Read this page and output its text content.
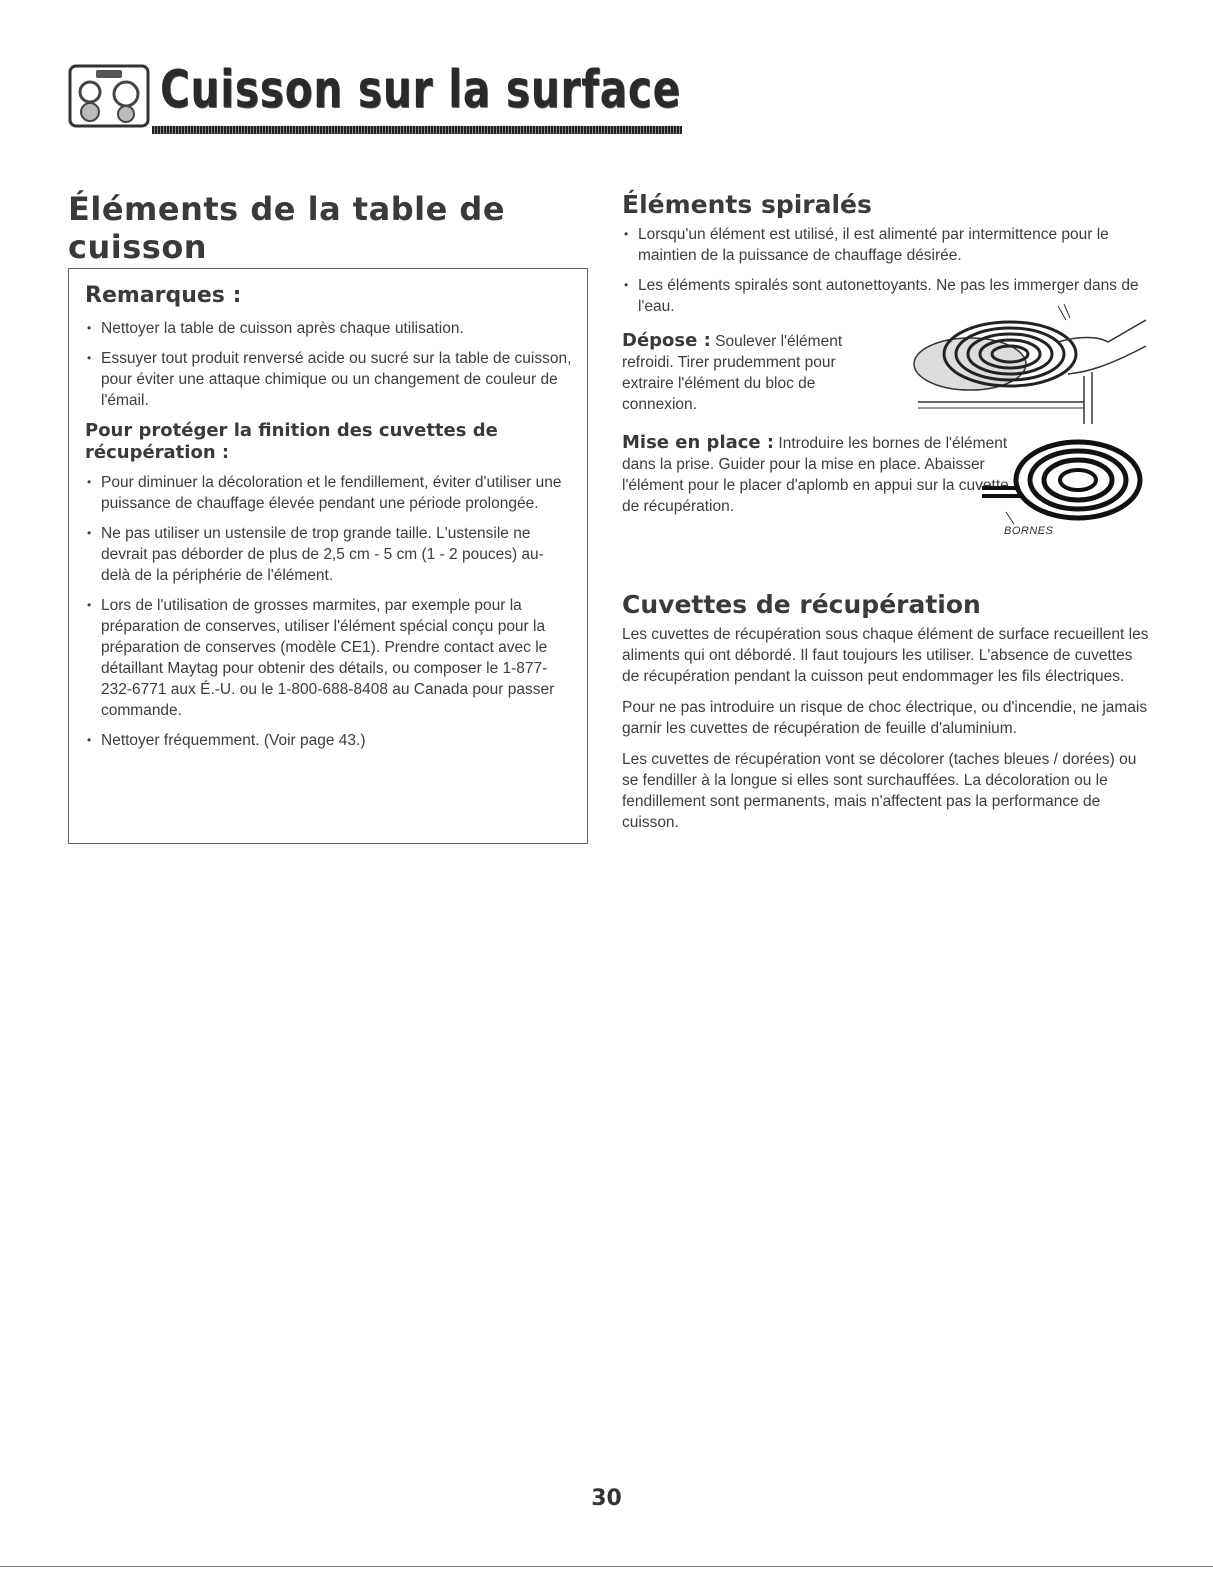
Cuisson sur la surface
Éléments de la table de cuisson
Remarques :
• Nettoyer la table de cuisson après chaque utilisation.
• Essuyer tout produit renversé acide ou sucré sur la table de cuisson, pour éviter une attaque chimique ou un changement de couleur de l'émail.
Pour protéger la finition des cuvettes de récupération :
• Pour diminuer la décoloration et le fendillement, éviter d'utiliser une puissance de chauffage élevée pendant une période prolongée.
• Ne pas utiliser un ustensile de trop grande taille. L'ustensile ne devrait pas déborder de plus de 2,5 cm - 5 cm (1 - 2 pouces) au-delà de la périphérie de l'élément.
• Lors de l'utilisation de grosses marmites, par exemple pour la préparation de conserves, utiliser l'élément spécial conçu pour la préparation de conserves (modèle CE1). Prendre contact avec le détaillant Maytag pour obtenir des détails, ou composer le 1-877-232-6771 aux É.-U. ou le 1-800-688-8408 au Canada pour passer commande.
• Nettoyer fréquemment. (Voir page 43.)
Éléments spiralés
• Lorsqu'un élément est utilisé, il est alimenté par intermittence pour le maintien de la puissance de chauffage désirée.
• Les éléments spiralés sont autonettoyants. Ne pas les immerger dans de l'eau.

Dépose : Soulever l'élément refroidi. Tirer prudemment pour extraire l'élément du bloc de connexion.

Mise en place : Introduire les bornes de l'élément dans la prise. Guider pour la mise en place. Abaisser l'élément pour le placer d'aplomb en appui sur la cuvette de récupération.

BORNES
Cuvettes de récupération

Les cuvettes de récupération sous chaque élément de surface recueillent les aliments qui ont débordé. Il faut toujours les utiliser. L'absence de cuvettes de récupération pendant la cuisson peut endommager les fils électriques.

Pour ne pas introduire un risque de choc électrique, ou d'incendie, ne jamais garnir les cuvettes de récupération de feuille d'aluminium.

Les cuvettes de récupération vont se décolorer (taches bleues / dorées) ou se fendiller à la longue si elles sont surchauffées. La décoloration ou le fendillement sont permanents, mais n'affectent pas la performance de cuisson.

30
